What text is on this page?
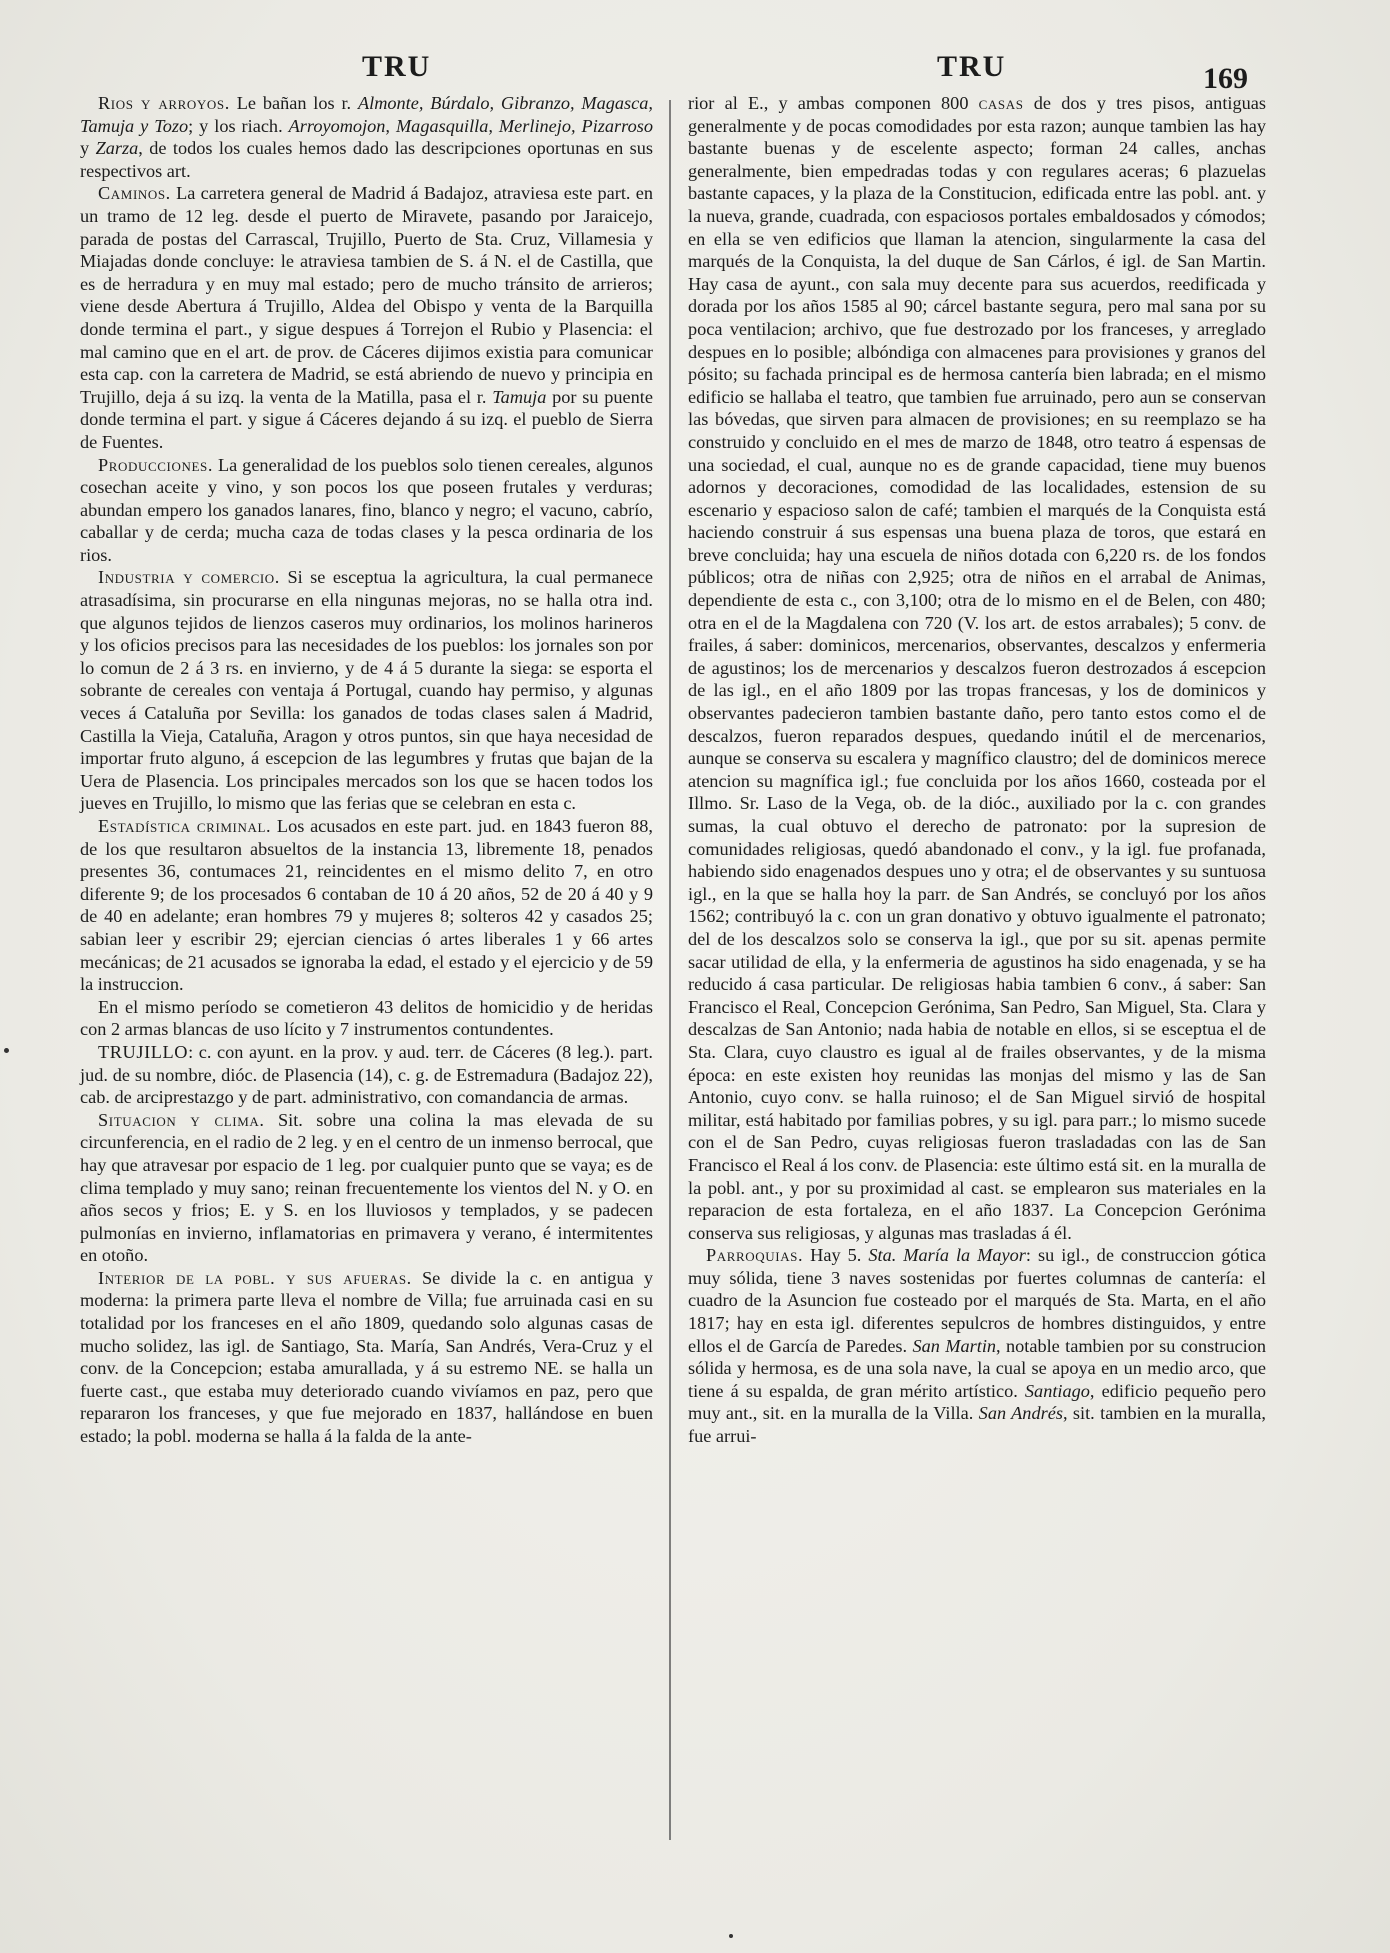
TRU	TRU	169

Rios y arroyos. Le bañan los r. Almonte, Búrdalo, Gibranzo, Magasca, Tamuja y Tozo; y los riach. Arroyomojon, Magasquilla, Merlinejo, Pizarroso y Zarza, de todos los cuales hemos dado las descripciones oportunas en sus respectivos art.

Caminos. La carretera general de Madrid á Badajoz, atraviesa este part. en un tramo de 12 leg. desde el puerto de Miravete, pasando por Jaraicejo, parada de postas del Carrascal, Trujillo, Puerto de Sta. Cruz, Villamesia y Miajadas donde concluye: le atraviesa tambien de S. á N. el de Castilla, que es de herradura y en muy mal estado; pero de mucho tránsito de arrieros; viene desde Abertura á Trujillo, Aldea del Obispo y venta de la Barquilla donde termina el part., y sigue despues á Torrejon el Rubio y Plasencia: el mal camino que en el art. de prov. de Cáceres dijimos existia para comunicar esta cap. con la carretera de Madrid, se está abriendo de nuevo y principia en Trujillo, deja á su izq. la venta de la Matilla, pasa el r. Tamuja por su puente donde termina el part. y sigue á Cáceres dejando á su izq. el pueblo de Sierra de Fuentes.

Producciones. La generalidad de los pueblos solo tienen cereales, algunos cosechan aceite y vino, y son pocos los que poseen frutales y verduras; abundan empero los ganados lanares, fino, blanco y negro; el vacuno, cabrío, caballar y de cerda; mucha caza de todas clases y la pesca ordinaria de los rios.

Industria y comercio. Si se esceptua la agricultura, la cual permanece atrasadísima, sin procurarse en ella ningunas mejoras, no se halla otra ind. que algunos tejidos de lienzos caseros muy ordinarios, los molinos harineros y los oficios precisos para las necesidades de los pueblos: los jornales son por lo comun de 2 á 3 rs. en invierno, y de 4 á 5 durante la siega: se esporta el sobrante de cereales con ventaja á Portugal, cuando hay permiso, y algunas veces á Cataluña por Sevilla: los ganados de todas clases salen á Madrid, Castilla la Vieja, Cataluña, Aragon y otros puntos, sin que haya necesidad de importar fruto alguno, á escepcion de las legumbres y frutas que bajan de la Uera de Plasencia. Los principales mercados son los que se hacen todos los jueves en Trujillo, lo mismo que las ferias que se celebran en esta c.

Estadística criminal. Los acusados en este part. jud. en 1843 fueron 88, de los que resultaron absueltos de la instancia 13, libremente 18, penados presentes 36, contumaces 21, reincidentes en el mismo delito 7, en otro diferente 9; de los procesados 6 contaban de 10 á 20 años, 52 de 20 á 40 y 9 de 40 en adelante; eran hombres 79 y mujeres 8; solteros 42 y casados 25; sabian leer y escribir 29; ejercian ciencias ó artes liberales 1 y 66 artes mecánicas; de 21 acusados se ignoraba la edad, el estado y el ejercicio y de 59 la instruccion.

En el mismo período se cometieron 43 delitos de homicidio y de heridas con 2 armas blancas de uso lícito y 7 instrumentos contundentes.

TRUJILLO: c. con ayunt. en la prov. y aud. terr. de Cáceres (8 leg.). part. jud. de su nombre, dióc. de Plasencia (14), c. g. de Estremadura (Badajoz 22), cab. de arciprestazgo y de part. administrativo, con comandancia de armas.

Situacion y clima. Sit. sobre una colina la mas elevada de su circunferencia, en el radio de 2 leg. y en el centro de un inmenso berrocal, que hay que atravesar por espacio de 1 leg. por cualquier punto que se vaya; es de clima templado y muy sano; reinan frecuentemente los vientos del N. y O. en años secos y frios; E. y S. en los lluviosos y templados, y se padecen pulmonías en invierno, inflamatorias en primavera y verano, é intermitentes en otoño.

Interior de la pobl. y sus afueras. Se divide la c. en antigua y moderna: la primera parte lleva el nombre de Villa; fue arruinada casi en su totalidad por los franceses en el año 1809, quedando solo algunas casas de mucho solidez, las igl. de Santiago, Sta. María, San Andrés, Vera-Cruz y el conv. de la Concepcion; estaba amurallada, y á su estremo NE. se halla un fuerte cast., que estaba muy deteriorado cuando vivíamos en paz, pero que repararon los franceses, y que fue mejorado en 1837, hallándose en buen estado; la pobl. moderna se halla á la falda de la ante-

rior al E., y ambas componen 800 casas de dos y tres pisos, antiguas generalmente y de pocas comodidades por esta razon; aunque tambien las hay bastante buenas y de escelente aspecto; forman 24 calles, anchas generalmente, bien empedradas todas y con regulares aceras; 6 plazuelas bastante capaces, y la plaza de la Constitucion, edificada entre las pobl. ant. y la nueva, grande, cuadrada, con espaciosos portales embaldosados y cómodos; en ella se ven edificios que llaman la atencion, singularmente la casa del marqués de la Conquista, la del duque de San Cárlos, é igl. de San Martin. Hay casa de ayunt., con sala muy decente para sus acuerdos, reedificada y dorada por los años 1585 al 90; cárcel bastante segura, pero mal sana por su poca ventilacion; archivo, que fue destrozado por los franceses, y arreglado despues en lo posible; albóndiga con almacenes para provisiones y granos del pósito; su fachada principal es de hermosa cantería bien labrada; en el mismo edificio se hallaba el teatro, que tambien fue arruinado, pero aun se conservan las bóvedas, que sirven para almacen de provisiones; en su reemplazo se ha construido y concluido en el mes de marzo de 1848, otro teatro á espensas de una sociedad, el cual, aunque no es de grande capacidad, tiene muy buenos adornos y decoraciones, comodidad de las localidades, estension de su escenario y espacioso salon de café; tambien el marqués de la Conquista está haciendo construir á sus espensas una buena plaza de toros, que estará en breve concluida; hay una escuela de niños dotada con 6,220 rs. de los fondos públicos; otra de niñas con 2,925; otra de niños en el arrabal de Animas, dependiente de esta c., con 3,100; otra de lo mismo en el de Belen, con 480; otra en el de la Magdalena con 720 (V. los art. de estos arrabales); 5 conv. de frailes, á saber: dominicos, mercenarios, observantes, descalzos y enfermeria de agustinos; los de mercenarios y descalzos fueron destrozados á escepcion de las igl., en el año 1809 por las tropas francesas, y los de dominicos y observantes padecieron tambien bastante daño, pero tanto estos como el de descalzos, fueron reparados despues, quedando inútil el de mercenarios, aunque se conserva su escalera y magnífico claustro; del de dominicos merece atencion su magnífica igl.; fue concluida por los años 1660, costeada por el Illmo. Sr. Laso de la Vega, ob. de la dióc., auxiliado por la c. con grandes sumas, la cual obtuvo el derecho de patronato: por la supresion de comunidades religiosas, quedó abandonado el conv., y la igl. fue profanada, habiendo sido enagenados despues uno y otra; el de observantes y su suntuosa igl., en la que se halla hoy la parr. de San Andrés, se concluyó por los años 1562; contribuyó la c. con un gran donativo y obtuvo igualmente el patronato; del de los descalzos solo se conserva la igl., que por su sit. apenas permite sacar utilidad de ella, y la enfermeria de agustinos ha sido enagenada, y se ha reducido á casa particular. De religiosas habia tambien 6 conv., á saber: San Francisco el Real, Concepcion Gerónima, San Pedro, San Miguel, Sta. Clara y descalzas de San Antonio; nada habia de notable en ellos, si se esceptua el de Sta. Clara, cuyo claustro es igual al de frailes observantes, y de la misma época: en este existen hoy reunidas las monjas del mismo y las de San Antonio, cuyo conv. se halla ruinoso; el de San Miguel sirvió de hospital militar, está habitado por familias pobres, y su igl. para parr.; lo mismo sucede con el de San Pedro, cuyas religiosas fueron trasladadas con las de San Francisco el Real á los conv. de Plasencia: este último está sit. en la muralla de la pobl. ant., y por su proximidad al cast. se emplearon sus materiales en la reparacion de esta fortaleza, en el año 1837. La Concepcion Gerónima conserva sus religiosas, y algunas mas trasladas á él.

Parroquias. Hay 5. Sta. María la Mayor: su igl., de construccion gótica muy sólida, tiene 3 naves sostenidas por fuertes columnas de cantería: el cuadro de la Asuncion fue costeado por el marqués de Sta. Marta, en el año 1817; hay en esta igl. diferentes sepulcros de hombres distinguidos, y entre ellos el de García de Paredes. San Martin, notable tambien por su construcion sólida y hermosa, es de una sola nave, la cual se apoya en un medio arco, que tiene á su espalda, de gran mérito artístico. Santiago, edificio pequeño pero muy ant., sit. en la muralla de la Villa. San Andrés, sit. tambien en la muralla, fue arrui-
